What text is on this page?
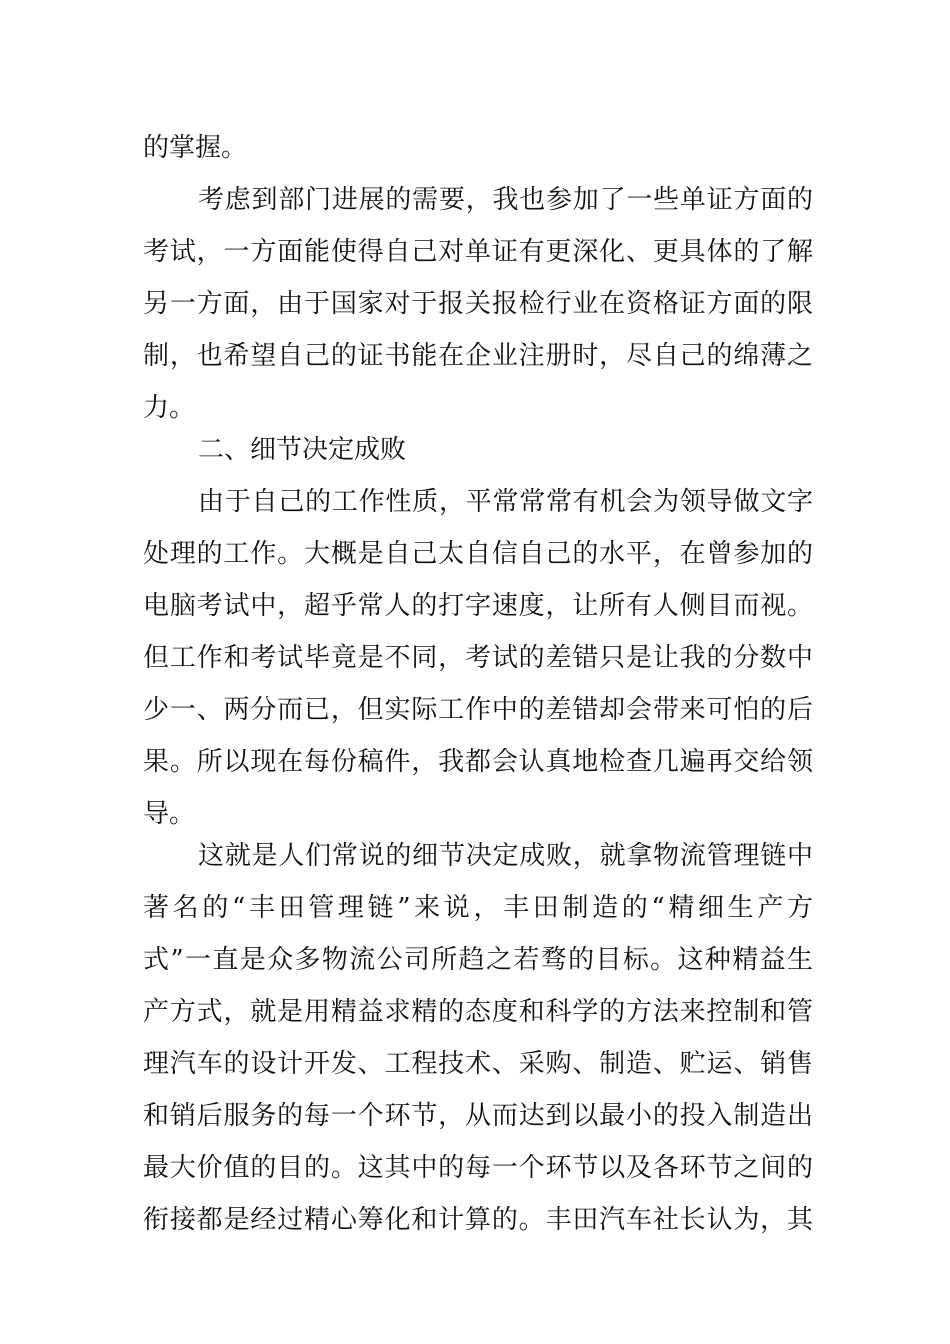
的掌握。
考虑到部门进展的需要，我也参加了一些单证方面的
考试，一方面能使得自己对单证有更深化、更具体的了解
另一方面，由于国家对于报关报检行业在资格证方面的限
制，也希望自己的证书能在企业注册时，尽自己的绵薄之
力。
二、细节决定成败
由于自己的工作性质，平常常常有机会为领导做文字
处理的工作。大概是自己太自信自己的水平，在曾参加的
电脑考试中，超乎常人的打字速度，让所有人侧目而视。
但工作和考试毕竟是不同，考试的差错只是让我的分数中
少一、两分而已，但实际工作中的差错却会带来可怕的后
果。所以现在每份稿件，我都会认真地检查几遍再交给领
导。
这就是人们常说的细节决定成败，就拿物流管理链中
著名的“丰田管理链”来说，丰田制造的“精细生产方
式”一直是众多物流公司所趋之若骛的目标。这种精益生
产方式，就是用精益求精的态度和科学的方法来控制和管
理汽车的设计开发、工程技术、采购、制造、贮运、销售
和销后服务的每一个环节，从而达到以最小的投入制造出
最大价值的目的。这其中的每一个环节以及各环节之间的
衔接都是经过精心筹化和计算的。丰田汽车社长认为，其
